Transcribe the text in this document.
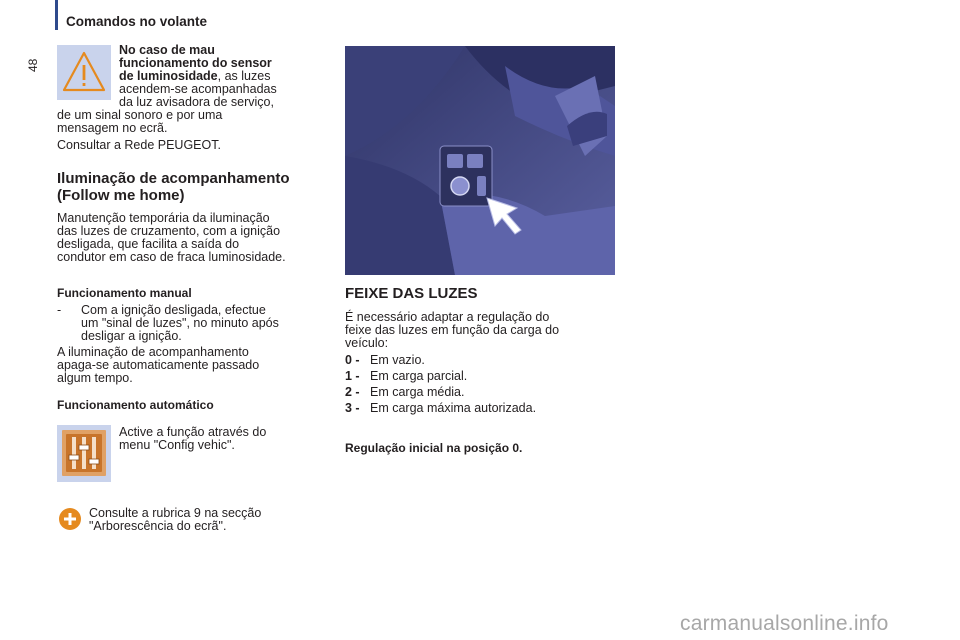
Comandos no volante
48
No caso de mau
funcionamento do sensor
de luminosidade, as luzes
acendem-se acompanhadas
da luz avisadora de serviço,
de um sinal sonoro e por uma
mensagem no ecrã.
Consultar a Rede PEUGEOT.
Iluminação de acompanhamento
(Follow me home)
Manutenção temporária da iluminação
das luzes de cruzamento, com a ignição
desligada, que facilita a saída do
condutor em caso de fraca luminosidade.
Funcionamento manual
-	Com a ignição desligada, efectue
um "sinal de luzes", no minuto após
desligar a ignição.
A iluminação de acompanhamento
apaga-se automaticamente passado
algum tempo.
Funcionamento automático
Active a função através do
menu "Config vehic".
Consulte a rubrica 9 na secção
"Arborescência do ecrã".
FEIXE DAS LUZES
É necessário adaptar a regulação do
feixe das luzes em função da carga do
veículo:
0 - Em vazio.
1 - Em carga parcial.
2 - Em carga média.
3 - Em carga máxima autorizada.
Regulação inicial na posição 0.
carmanualsonline.info
